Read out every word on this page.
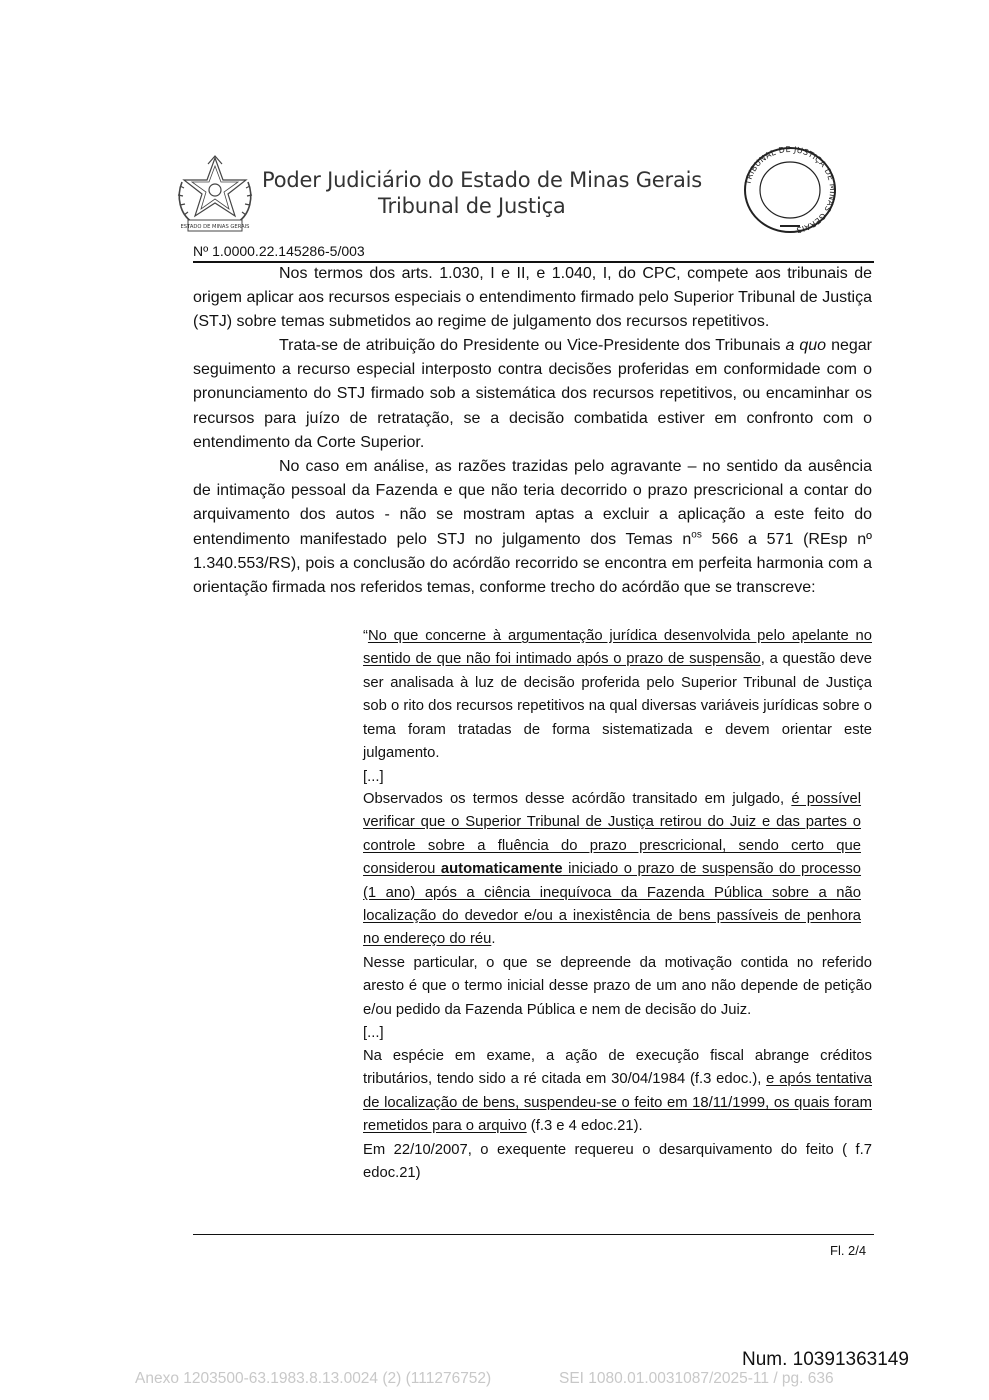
ESTADO DE MINAS GERAIS
Poder Judiciário do Estado de Minas Gerais
Tribunal de Justiça
TRIBUNAL DE JUSTIÇA DE MINAS GERAIS
Nº 1.0000.22.145286-5/003

Nos termos dos arts. 1.030, I e II, e 1.040, I, do CPC, compete aos tribunais de origem aplicar aos recursos especiais o entendimento firmado pelo Superior Tribunal de Justiça (STJ) sobre temas submetidos ao regime de julgamento dos recursos repetitivos.

Trata-se de atribuição do Presidente ou Vice-Presidente dos Tribunais a quo negar seguimento a recurso especial interposto contra decisões proferidas em conformidade com o pronunciamento do STJ firmado sob a sistemática dos recursos repetitivos, ou encaminhar os recursos para juízo de retratação, se a decisão combatida estiver em confronto com o entendimento da Corte Superior.

No caso em análise, as razões trazidas pelo agravante – no sentido da ausência de intimação pessoal da Fazenda e que não teria decorrido o prazo prescricional a contar do arquivamento dos autos - não se mostram aptas a excluir a aplicação a este feito do entendimento manifestado pelo STJ no julgamento dos Temas $n^{os}$ 566 a 571 (REsp nº 1.340.553/RS), pois a conclusão do acórdão recorrido se encontra em perfeita harmonia com a orientação firmada nos referidos temas, conforme trecho do acórdão que se transcreve:

“No que concerne à argumentação jurídica desenvolvida pelo apelante no sentido de que não foi intimado após o prazo de suspensão, a questão deve ser analisada à luz de decisão proferida pelo Superior Tribunal de Justiça sob o rito dos recursos repetitivos na qual diversas variáveis jurídicas sobre o tema foram tratadas de forma sistematizada e devem orientar este julgamento.

[...]

Observados os termos desse acórdão transitado em julgado, é possível verificar que o Superior Tribunal de Justiça retirou do Juiz e das partes o controle sobre a fluência do prazo prescricional, sendo certo que considerou automaticamente iniciado o prazo de suspensão do processo (1 ano) após a ciência inequívoca da Fazenda Pública sobre a não localização do devedor e/ou a inexistência de bens passíveis de penhora no endereço do réu.

Nesse particular, o que se depreende da motivação contida no referido aresto é que o termo inicial desse prazo de um ano não depende de petição e/ou pedido da Fazenda Pública e nem de decisão do Juiz.

[...]

Na espécie em exame, a ação de execução fiscal abrange créditos tributários, tendo sido a ré citada em 30/04/1984 (f.3 edoc.), e após tentativa de localização de bens, suspendeu-se o feito em 18/11/1999, os quais foram remetidos para o arquivo (f.3 e 4 edoc.21).

Em 22/10/2007, o exequente requereu o desarquivamento do feito ( f.7 edoc.21)

Fl. 2/4
Num. 10391363149
Anexo 1203500-63.1983.8.13.0024 (2) (111276752)	SEI 1080.01.0031087/2025-11 / pg. 636
